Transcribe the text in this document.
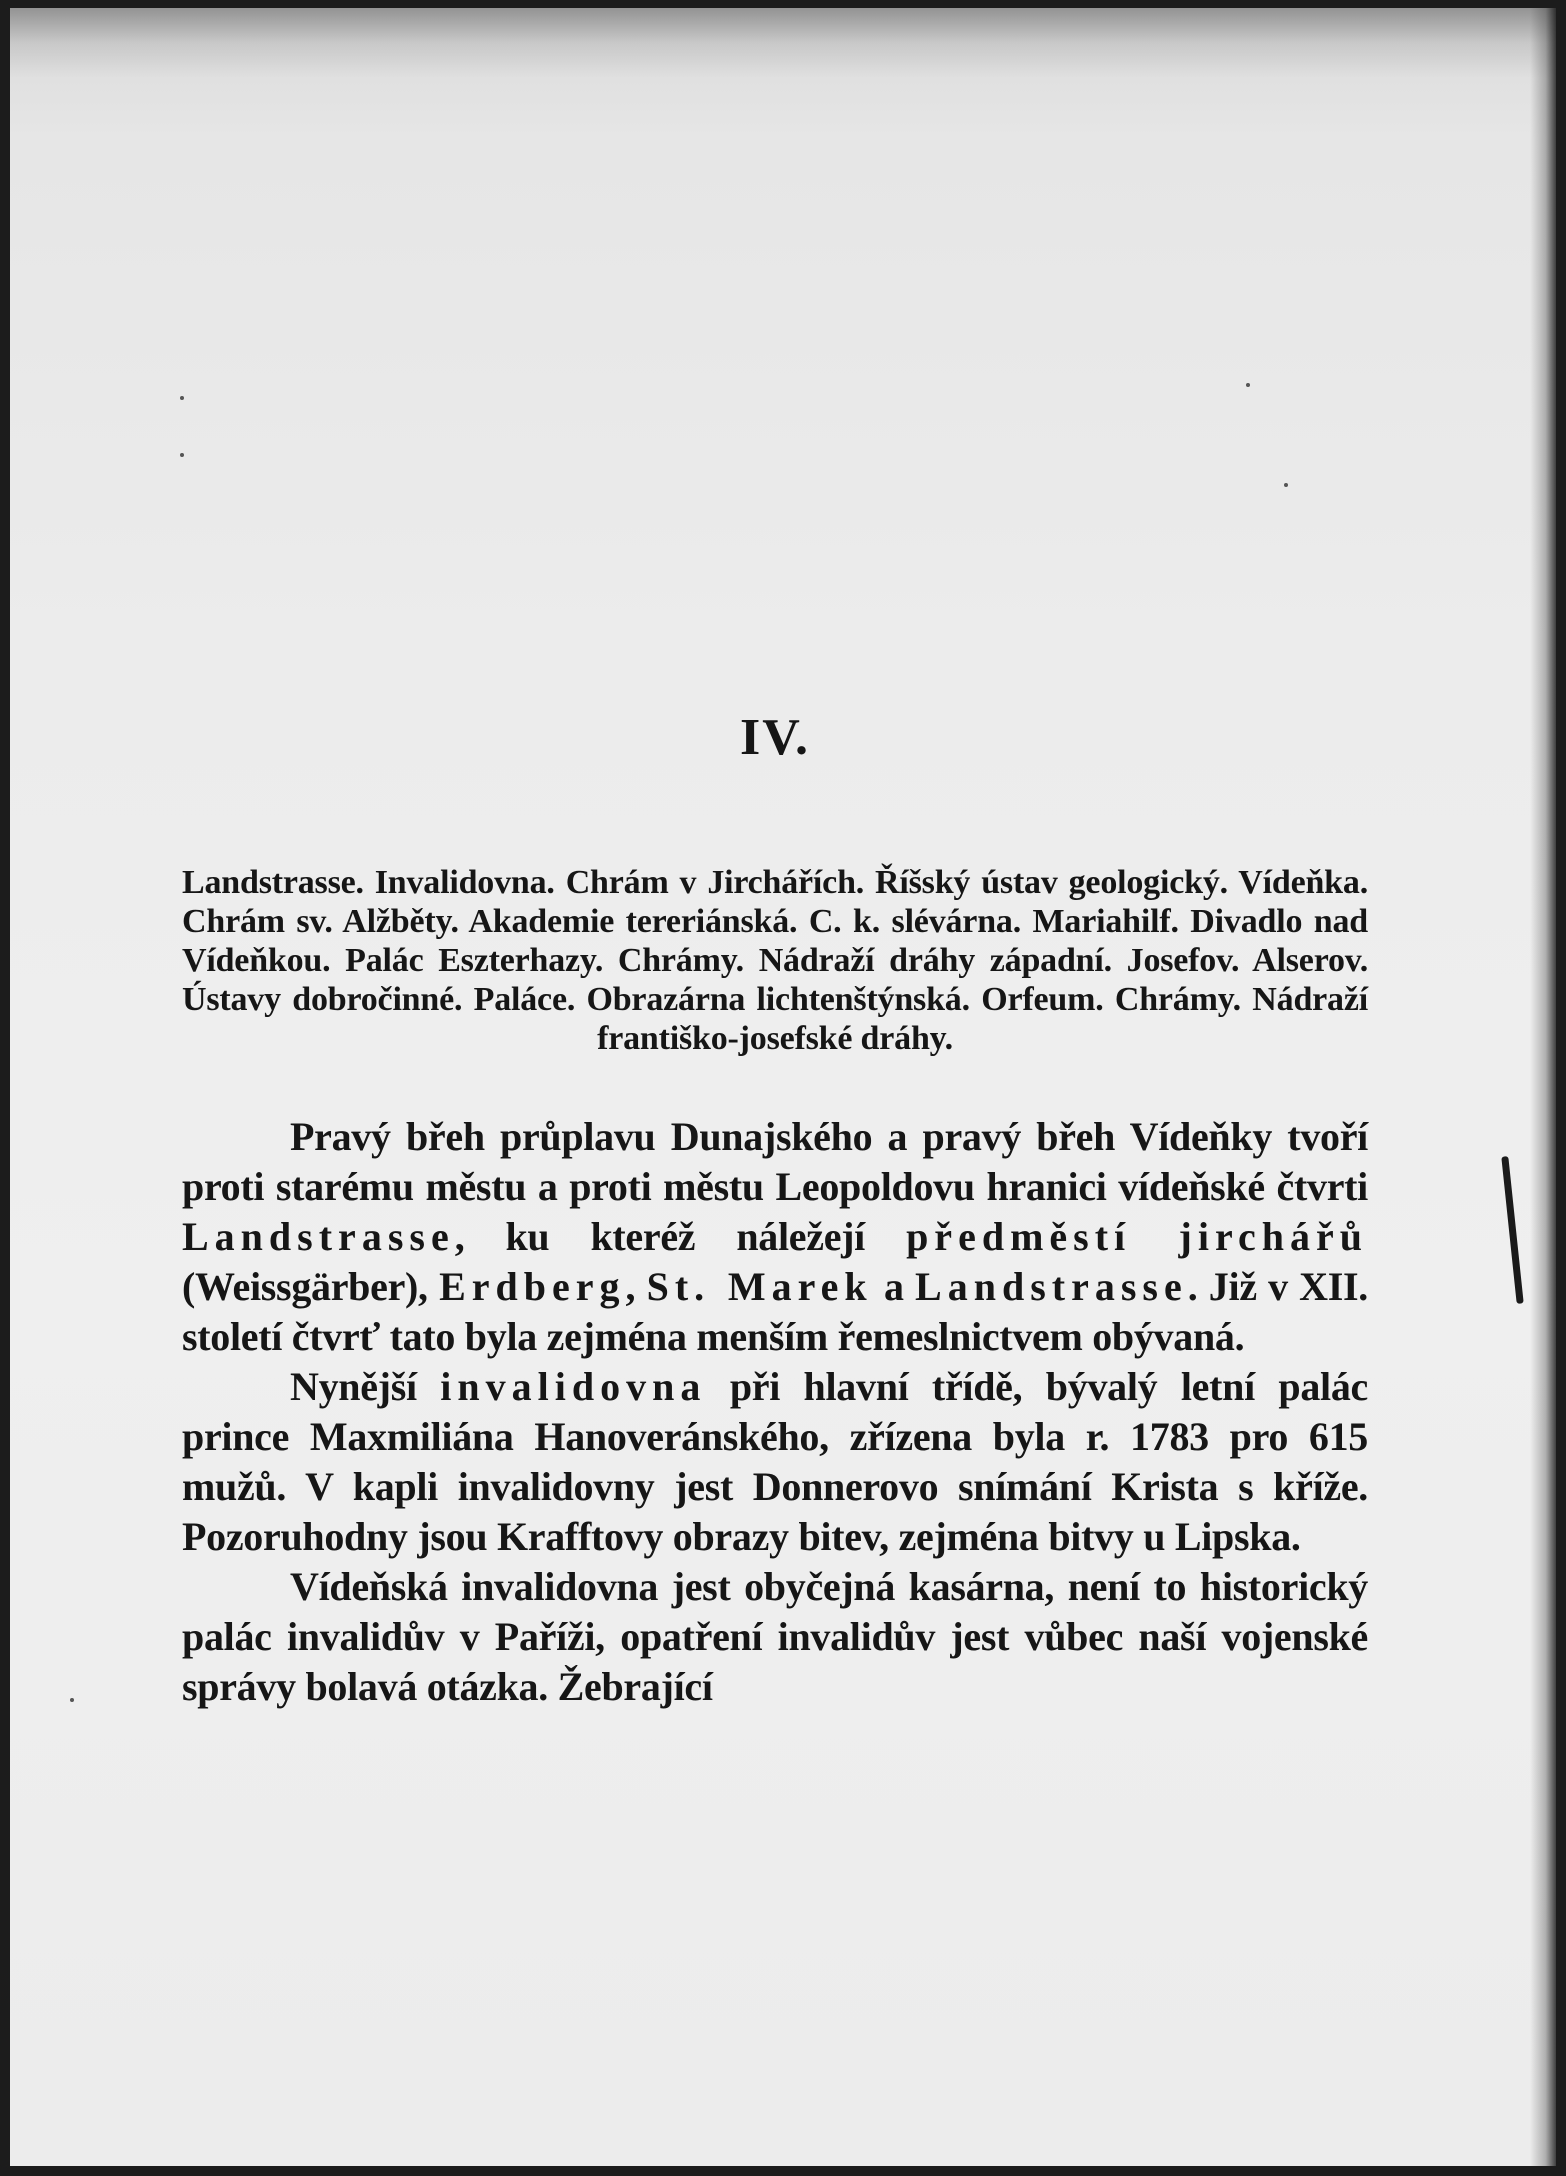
IV.

Landstrasse. Invalidovna. Chrám v Jirchářích. Říšský ústav geologický. Vídeňka. Chrám sv. Alžběty. Akademie tereriánská. C. k. slévárna. Mariahilf. Divadlo nad Vídeňkou. Palác Eszterhazy. Chrámy. Nádraží dráhy západní. Josefov. Alserov. Ústavy dobročinné. Paláce. Obrazárna lichtenštýnská. Orfeum. Chrámy. Nádraží františko-josefské dráhy.

Pravý břeh průplavu Dunajského a pravý břeh Vídeňky tvoří proti starému městu a proti městu Leopoldovu hranici vídeňské čtvrti Landstrasse, ku kteréž náležejí předměstí jirchářů (Weissgärber), Erdberg, St. Marek a Landstrasse. Již v XII. století čtvrť tato byla zejména menším řemeslnictvem obývaná.

Nynější invalidovna při hlavní třídě, bývalý letní palác prince Maxmiliána Hanoveránského, zřízena byla r. 1783 pro 615 mužů. V kapli invalidovny jest Donnerovo snímání Krista s kříže. Pozoruhodny jsou Krafftovy obrazy bitev, zejména bitvy u Lipska.

Vídeňská invalidovna jest obyčejná kasárna, není to historický palác invalidův v Paříži, opatření invalidův jest vůbec naší vojenské správy bolavá otázka. Žebrající
